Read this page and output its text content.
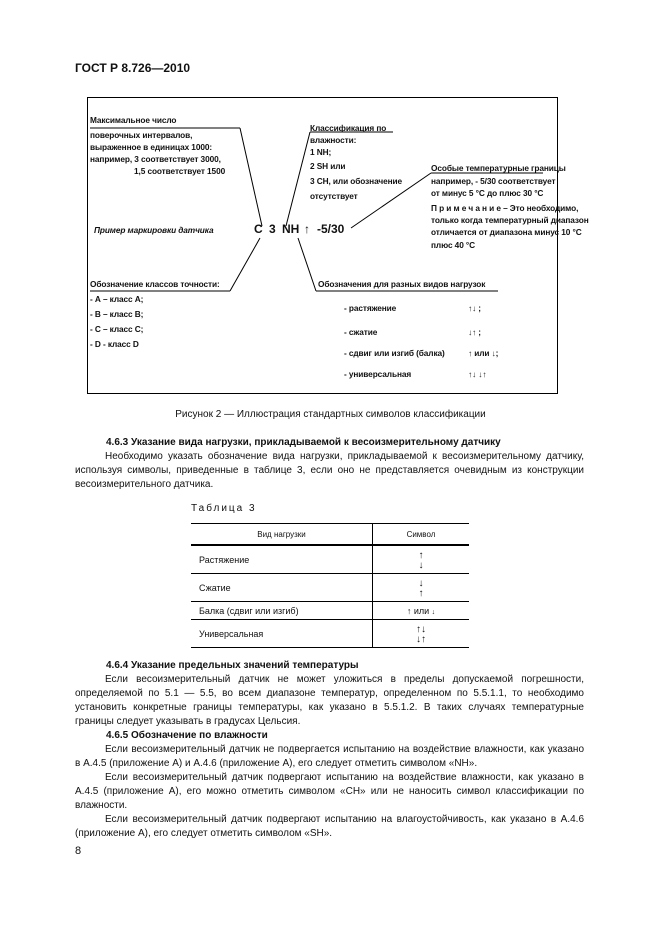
ГОСТ Р 8.726—2010
Максимальное число
поверочных интервалов,
выраженное в единицах 1000:
например, 3 соответствует 3000,
1,5 соответствует 1500
Классификация по
влажности:
1 NH;
2 SH или
3 CH, или обозначение
отсутствует
Особые температурные границы
например, - 5/30 соответствует
от минус 5 °С до плюс 30 °С
П р и м е ч а н и е – Это необходимо,
только когда температурный диапазон
отличается от диапазона минус 10 °С
плюс 40 °С
Пример маркировки датчика	C 3 NH ↑ -5/30
Обозначение классов точности:
- А – класс А;
- В – класс В;
- С – класс С;
- D - класс D
Обозначения для разных видов нагрузок
- растяжение	↑↓ ;
- сжатие	↓↑ ;
- сдвиг или изгиб (балка)	↑ или ↓;
- универсальная	↑↓ ↓↑
Рисунок 2 — Иллюстрация стандартных символов классификации

4.6.3 Указание вида нагрузки, прикладываемой к весоизмерительному датчику

Необходимо указать обозначение вида нагрузки, прикладываемой к весоизмерительному датчику, используя символы, приведенные в таблице 3, если оно не представляется очевидным из конструкции весоизмерительного датчика.

Таблица 3
Вид нагрузки	Символ
Растяжение	↑
↓
Сжатие	↓
↑
Балка (сдвиг или изгиб)	↑ или ↓
Универсальная	↑↓
↓↑

4.6.4 Указание предельных значений температуры

Если весоизмерительный датчик не может уложиться в пределы допускаемой погрешности, определяемой по 5.1 — 5.5, во всем диапазоне температур, определенном по 5.5.1.1, то необходимо установить конкретные границы температуры, как указано в 5.5.1.2. В таких случаях температурные границы следует указывать в градусах Цельсия.

4.6.5 Обозначение по влажности

Если весоизмерительный датчик не подвергается испытанию на воздействие влажности, как указано в А.4.5 (приложение А) и А.4.6 (приложение А), его следует отметить символом «NH».

Если весоизмерительный датчик подвергают испытанию на воздействие влажности, как указано в А.4.5 (приложение А), его можно отметить символом «CH» или не наносить символ классификации по влажности.

Если весоизмерительный датчик подвергают испытанию на влагоустойчивость, как указано в А.4.6 (приложение А), его следует отметить символом «SH».

8
